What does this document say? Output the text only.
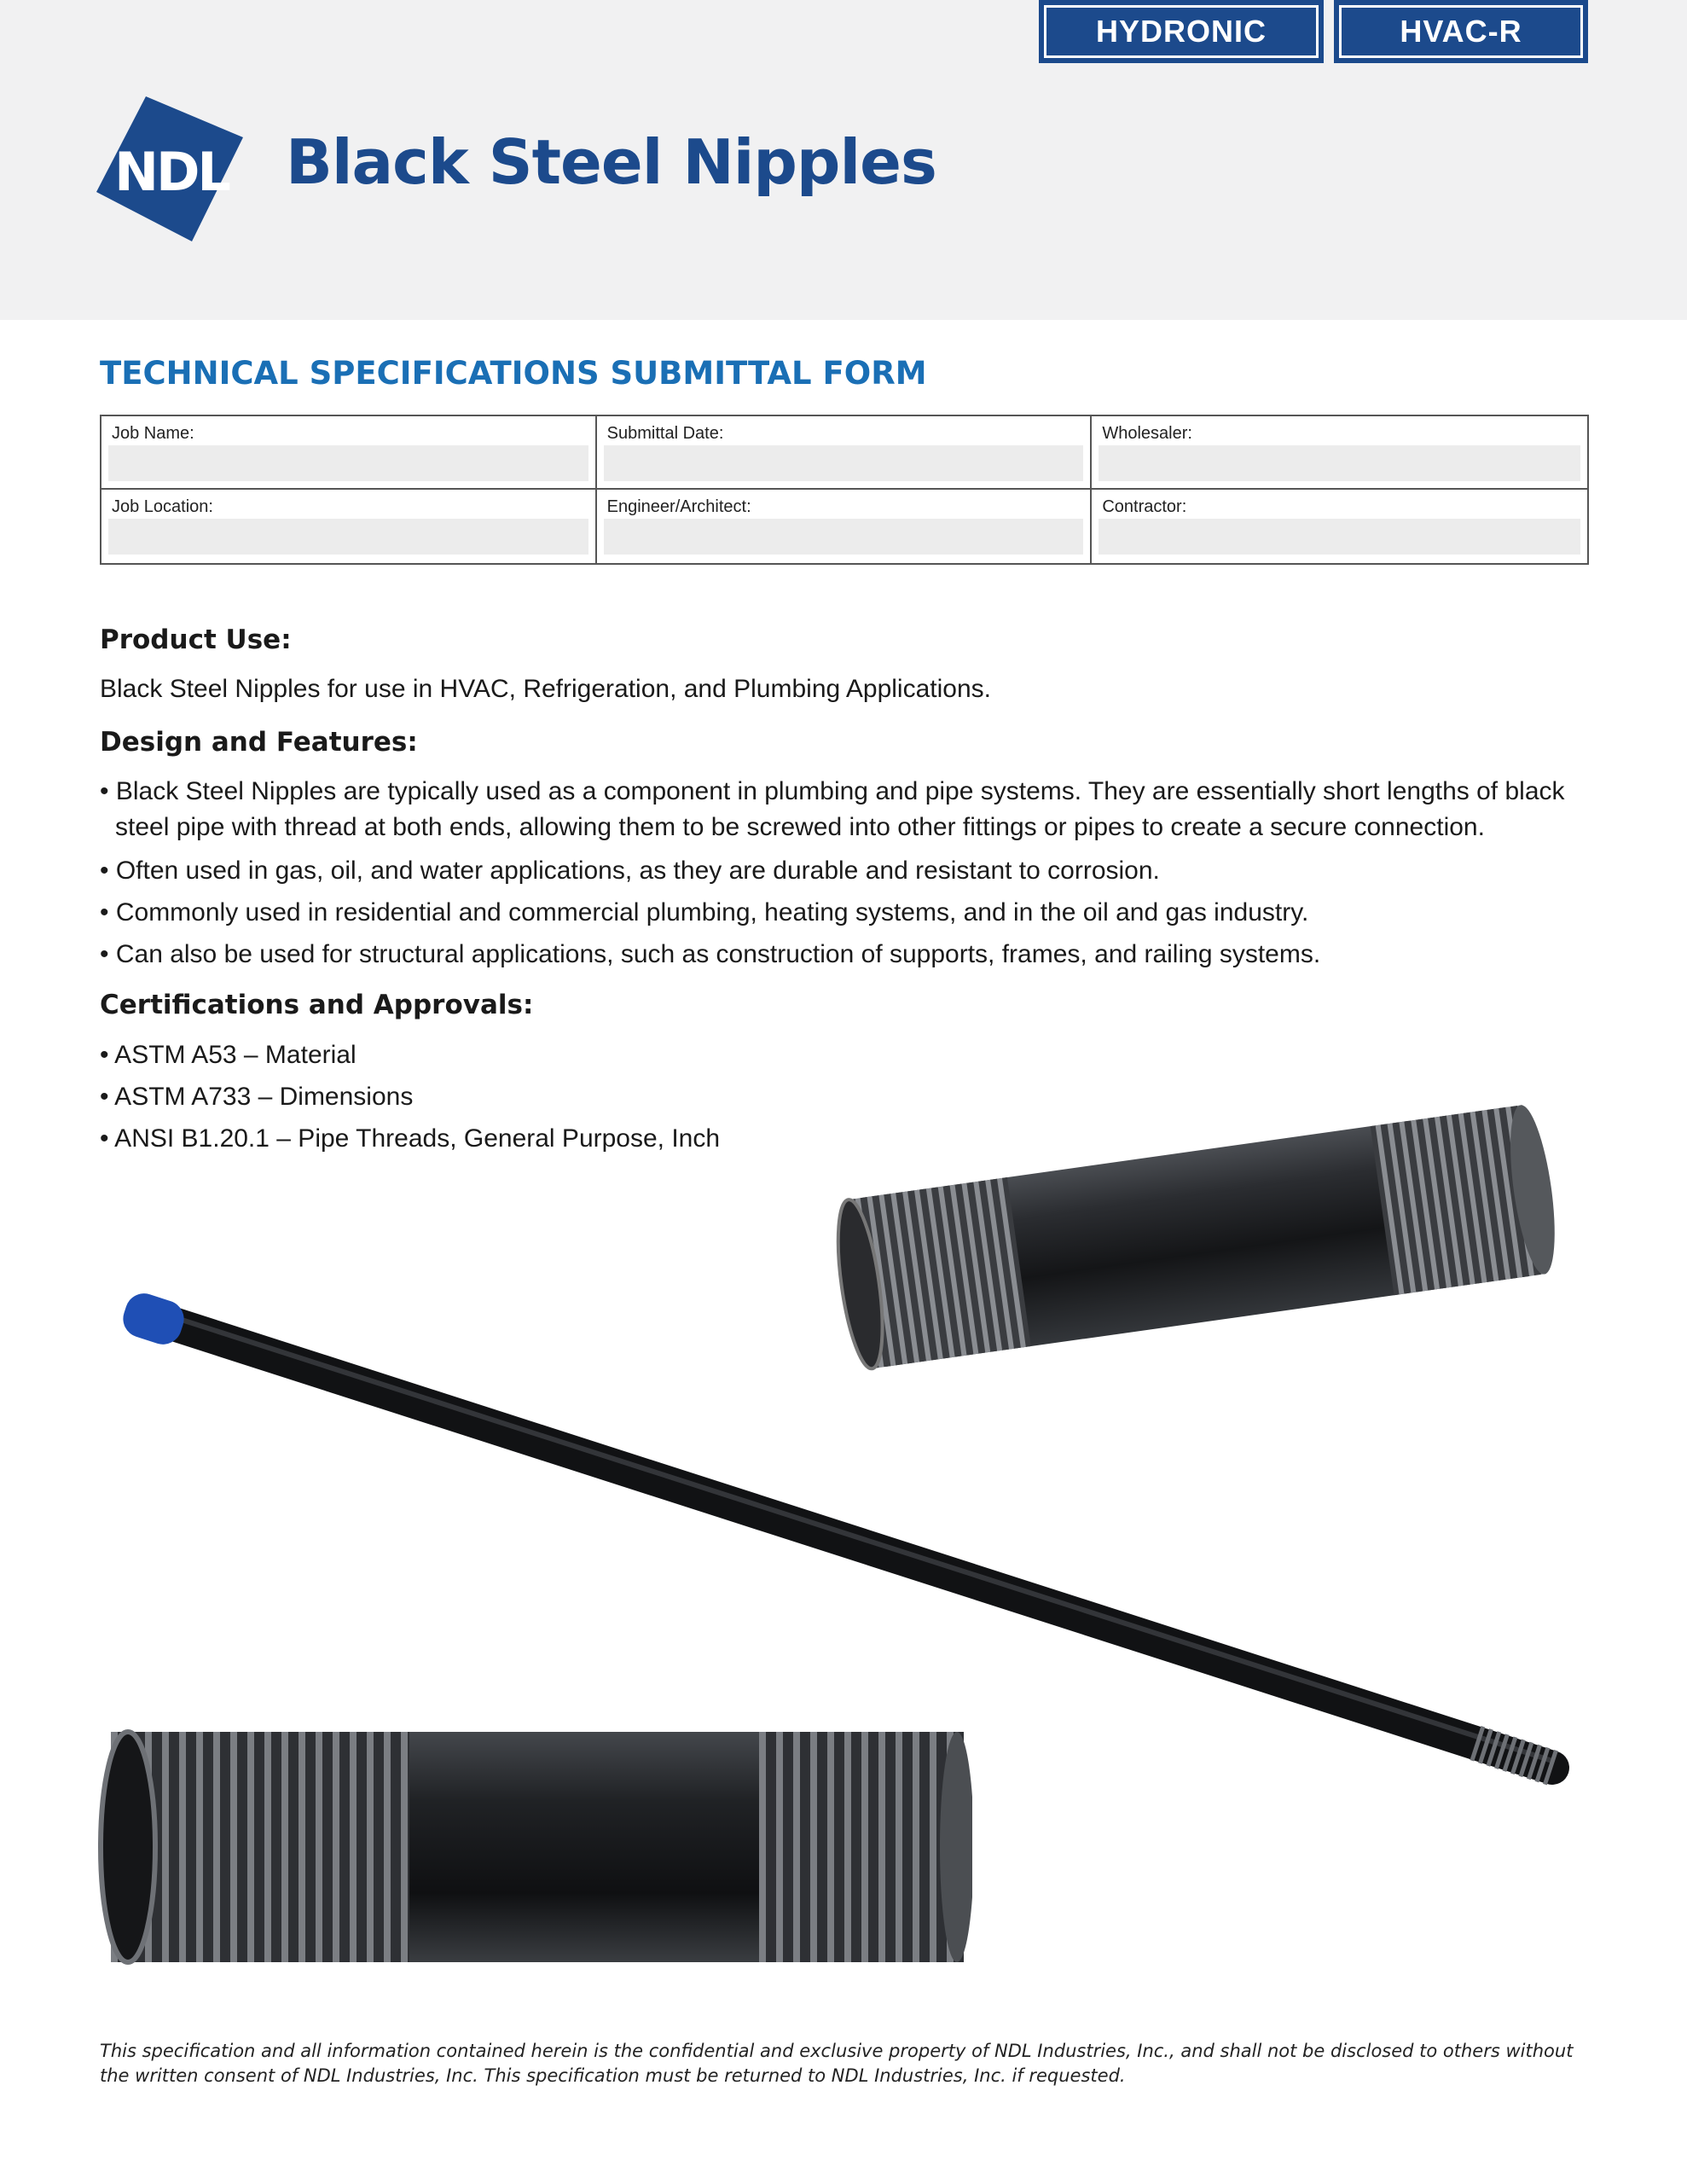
HYDRONIC	HVAC-R
NDL Black Steel Nipples
TECHNICAL SPECIFICATIONS SUBMITTAL FORM
Job Name:	Submittal Date:	Wholesaler:
Job Location:	Engineer/Architect:	Contractor:
Product Use:
Black Steel Nipples for use in HVAC, Refrigeration, and Plumbing Applications.
Design and Features:
• Black Steel Nipples are typically used as a component in plumbing and pipe systems. They are essentially short lengths of black steel pipe with thread at both ends, allowing them to be screwed into other fittings or pipes to create a secure connection.
• Often used in gas, oil, and water applications, as they are durable and resistant to corrosion.
• Commonly used in residential and commercial plumbing, heating systems, and in the oil and gas industry.
• Can also be used for structural applications, such as construction of supports, frames, and railing systems.
Certifications and Approvals:
• ASTM A53 – Material
• ASTM A733 – Dimensions
• ANSI B1.20.1 – Pipe Threads, General Purpose, Inch
This specification and all information contained herein is the confidential and exclusive property of NDL Industries, Inc., and shall not be disclosed to others without the written consent of NDL Industries, Inc. This specification must be returned to NDL Industries, Inc. if requested.
